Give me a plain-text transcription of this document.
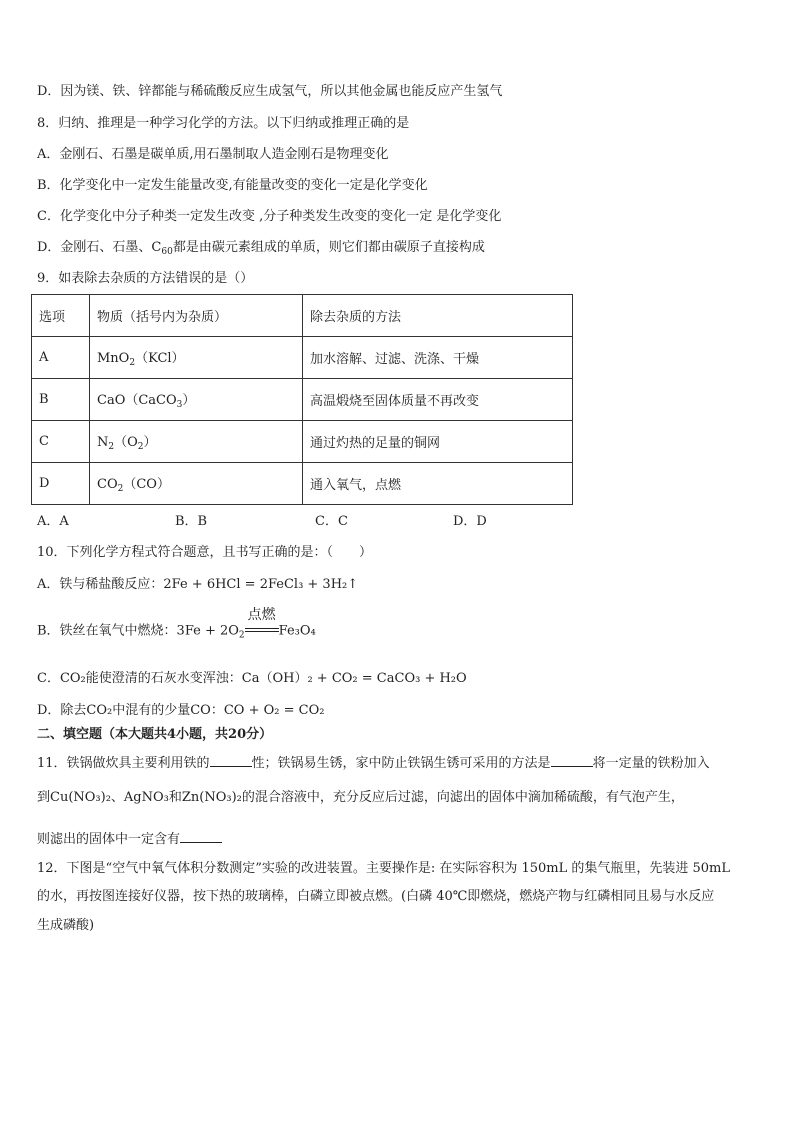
D．因为镁、铁、锌都能与稀硫酸反应生成氢气，所以其他金属也能反应产生氢气
8．归纳、推理是一种学习化学的方法。以下归纳或推理正确的是
A．金刚石、石墨是碳单质,用石墨制取人造金刚石是物理变化
B．化学变化中一定发生能量改变,有能量改变的变化一定是化学变化
C．化学变化中分子种类一定发生改变 ,分子种类发生改变的变化一定 是化学变化
D．金刚石、石墨、$C_{60}$都是由碳元素组成的单质，则它们都由碳原子直接构成
9．如表除去杂质的方法错误的是（）
选项	物质（括号内为杂质）	除去杂质的方法
A	MnO$_2$（KCl）	加水溶解、过滤、洗涤、干燥
B	CaO（CaCO$_3$）	高温煅烧至固体质量不再改变
C	$N_2(O_2)$	通过灼热的足量的铜网
D	$CO_2(CO)$	通入氧气，点燃
A．A	B．B	C．C	D．D
10．下列化学方程式符合题意，且书写正确的是：（　　）
A．铁与稀盐酸反应：2Fe + 6HCl = 2FeCl₃ + 3H₂↑
B．铁丝在氧气中燃烧：$3Fe + 2O_2$
点燃
Fe₃O₄
C．CO₂能使澄清的石灰水变浑浊：Ca（OH）₂ + CO₂ = CaCO₃ + H₂O
D．除去CO₂中混有的少量CO：CO + O₂ = CO₂
二、填空题（本大题共4小题，共20分）
11．铁锅做炊具主要利用铁的	性；铁锅易生锈，家中防止铁锅生锈可采用的方法是	将一定量的铁粉加入
到Cu(NO₃)₂、AgNO₃和Zn(NO₃)₂的混合溶液中，充分反应后过滤，向滤出的固体中滴加稀硫酸，有气泡产生，
则滤出的固体中一定含有
12．下图是“空气中氧气体积分数测定”实验的改进装置。主要操作是: 在实际容积为 150mL 的集气瓶里，先装进 50mL
的水，再按图连接好仪器，按下热的玻璃棒，白磷立即被点燃。(白磷 40℃即燃烧，燃烧产物与红磷相同且易与水反应
生成磷酸)
